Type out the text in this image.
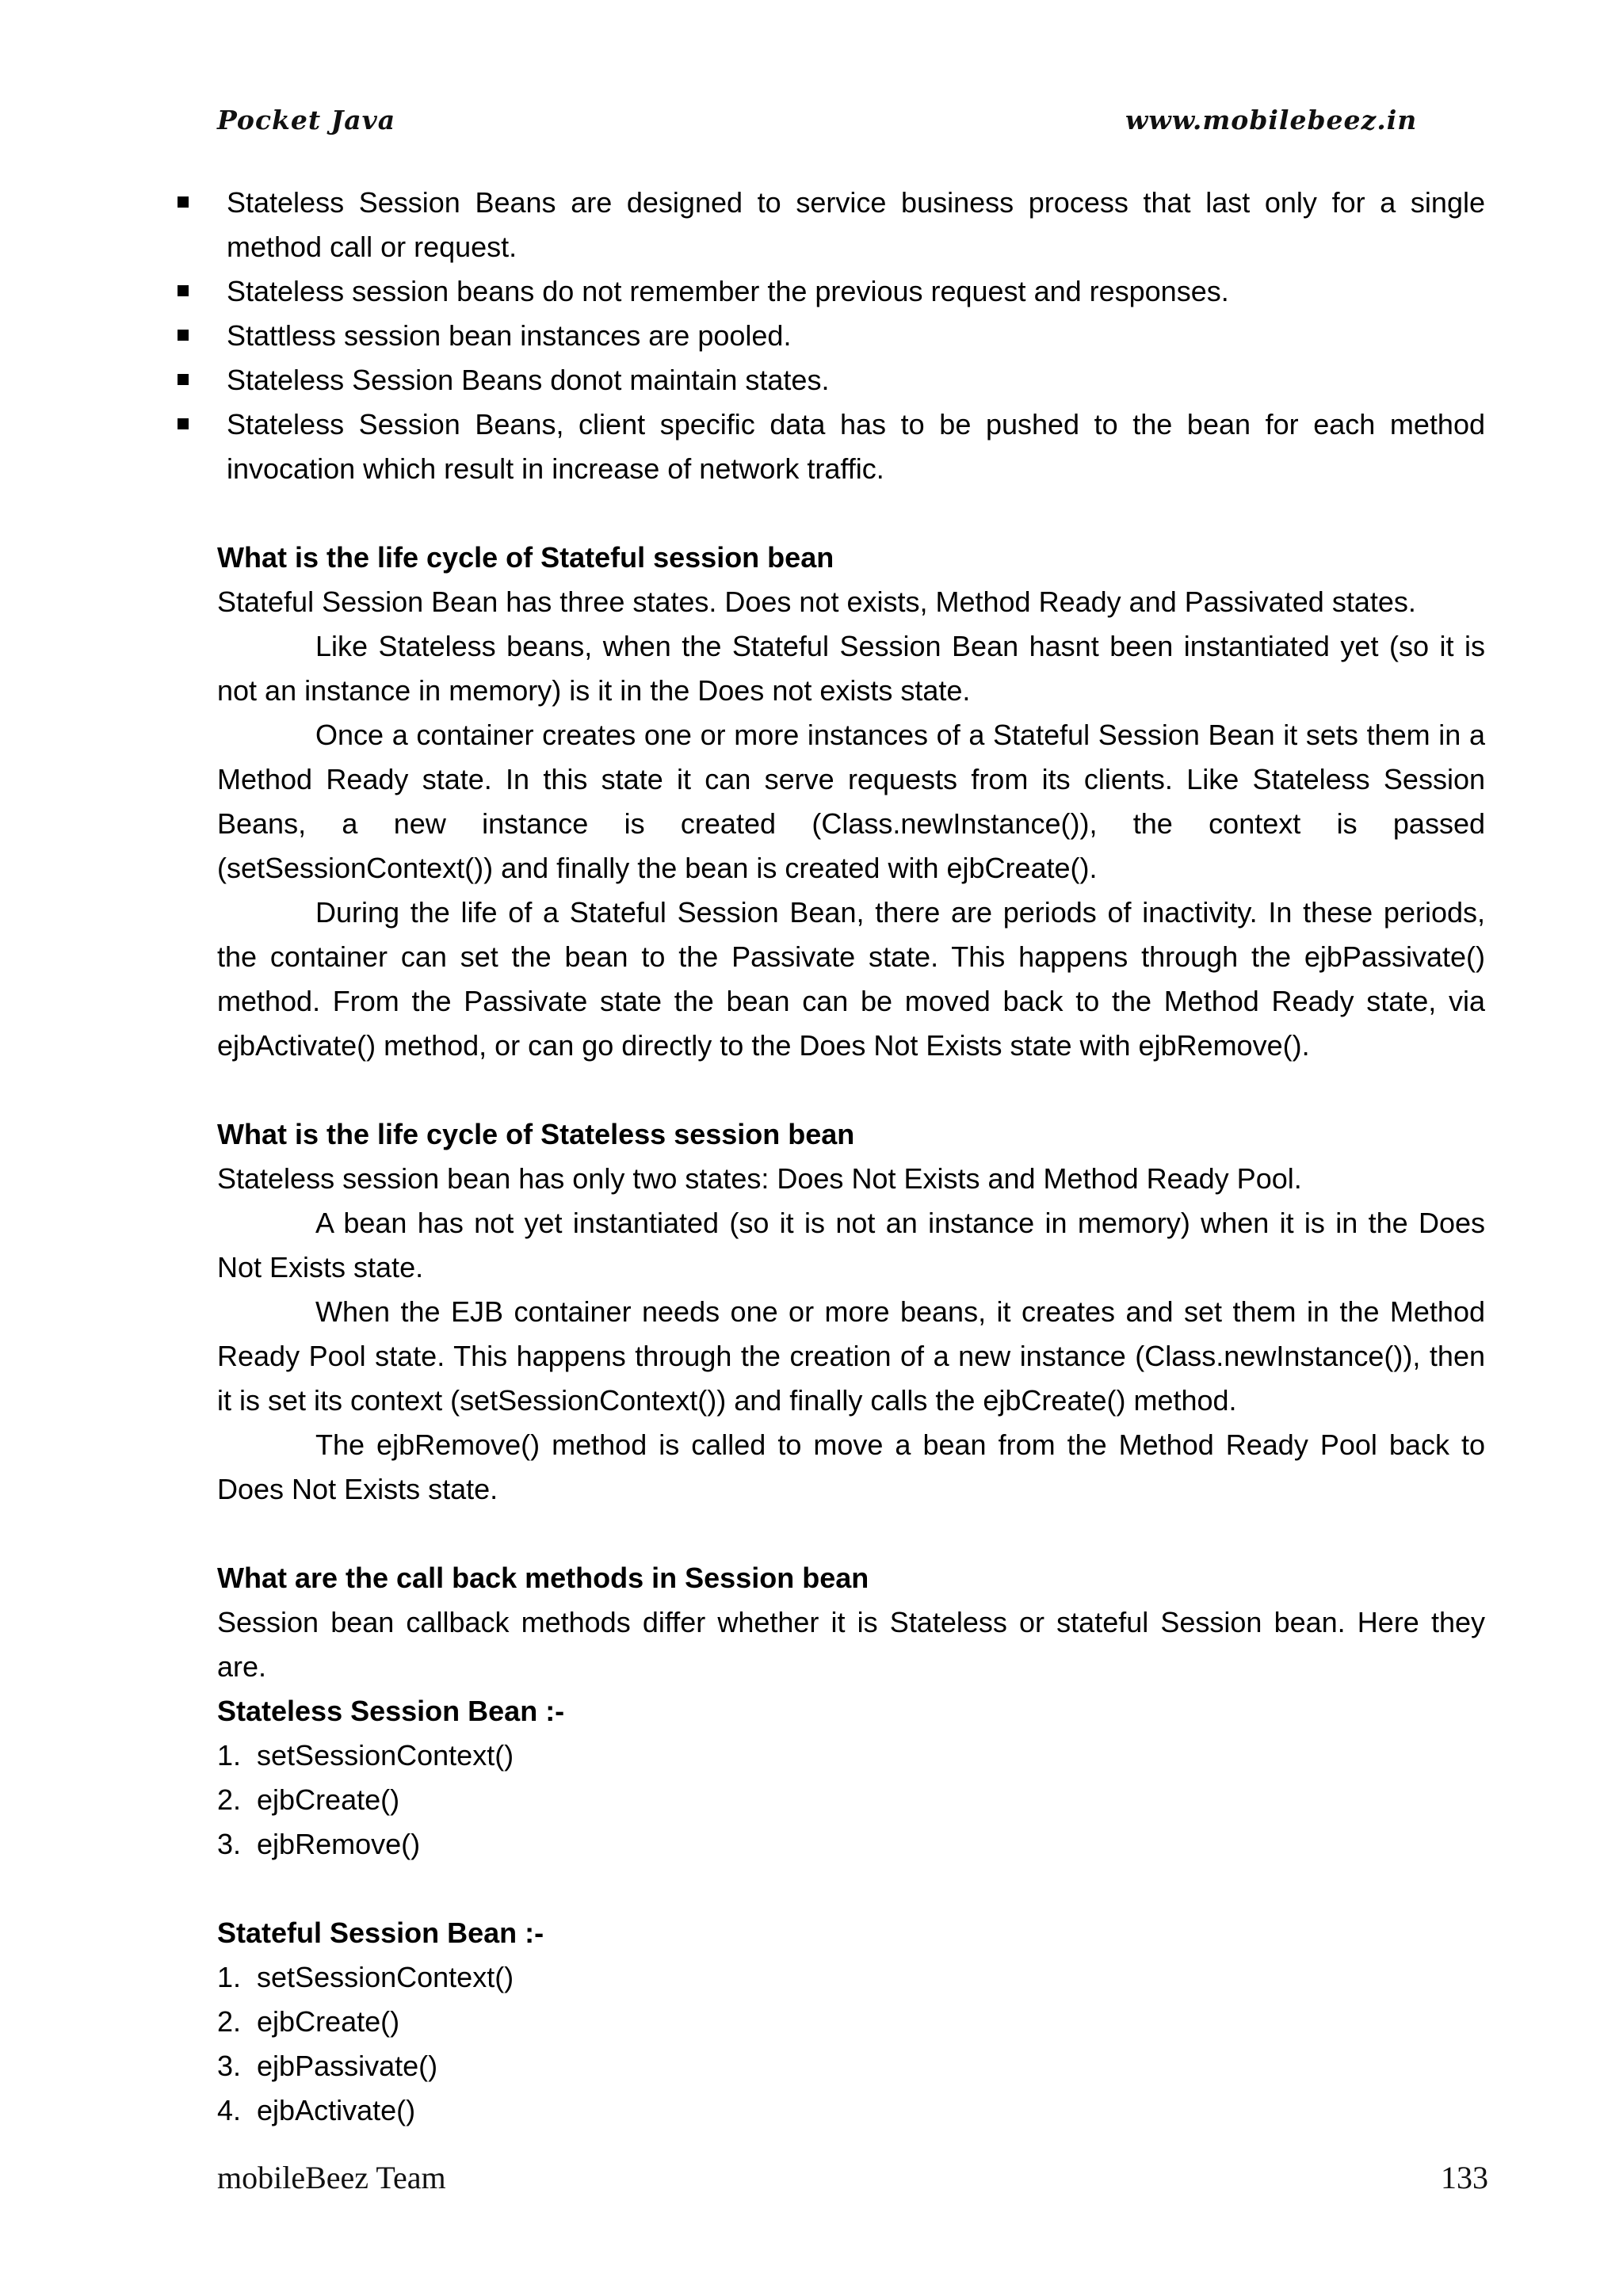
Pocket Java	www.mobilebeez.in
Stateless Session Beans are designed to service business process that last only for a single method call or request.
Stateless session beans do not remember the previous request and responses.
Stattless session bean instances are pooled.
Stateless Session Beans donot maintain states.
Stateless Session Beans, client specific data has to be pushed to the bean for each method invocation which result in increase of network traffic.

What is the life cycle of Stateful session bean

Stateful Session Bean has three states. Does not exists, Method Ready and Passivated states.

Like Stateless beans, when the Stateful Session Bean hasnt been instantiated yet (so it is not an instance in memory) is it in the Does not exists state.

Once a container creates one or more instances of a Stateful Session Bean it sets them in a Method Ready state. In this state it can serve requests from its clients. Like Stateless Session Beans, a new instance is created (Class.newInstance()), the context is passed (setSessionContext()) and finally the bean is created with ejbCreate().

During the life of a Stateful Session Bean, there are periods of inactivity. In these periods, the container can set the bean to the Passivate state. This happens through the ejbPassivate() method. From the Passivate state the bean can be moved back to the Method Ready state, via ejbActivate() method, or can go directly to the Does Not Exists state with ejbRemove().

What is the life cycle of Stateless session bean

Stateless session bean has only two states: Does Not Exists and Method Ready Pool.

A bean has not yet instantiated (so it is not an instance in memory) when it is in the Does Not Exists state.

When the EJB container needs one or more beans, it creates and set them in the Method Ready Pool state. This happens through the creation of a new instance (Class.newInstance()), then it is set its context (setSessionContext()) and finally calls the ejbCreate() method.

The ejbRemove() method is called to move a bean from the Method Ready Pool back to Does Not Exists state.

What are the call back methods in Session bean

Session bean callback methods differ whether it is Stateless or stateful Session bean. Here they are.

Stateless Session Bean :-

1.  setSessionContext()
2.  ejbCreate()
3.  ejbRemove()

Stateful Session Bean :-

1.  setSessionContext()
2.  ejbCreate()
3.  ejbPassivate()
4.  ejbActivate()
mobileBeez Team	133
